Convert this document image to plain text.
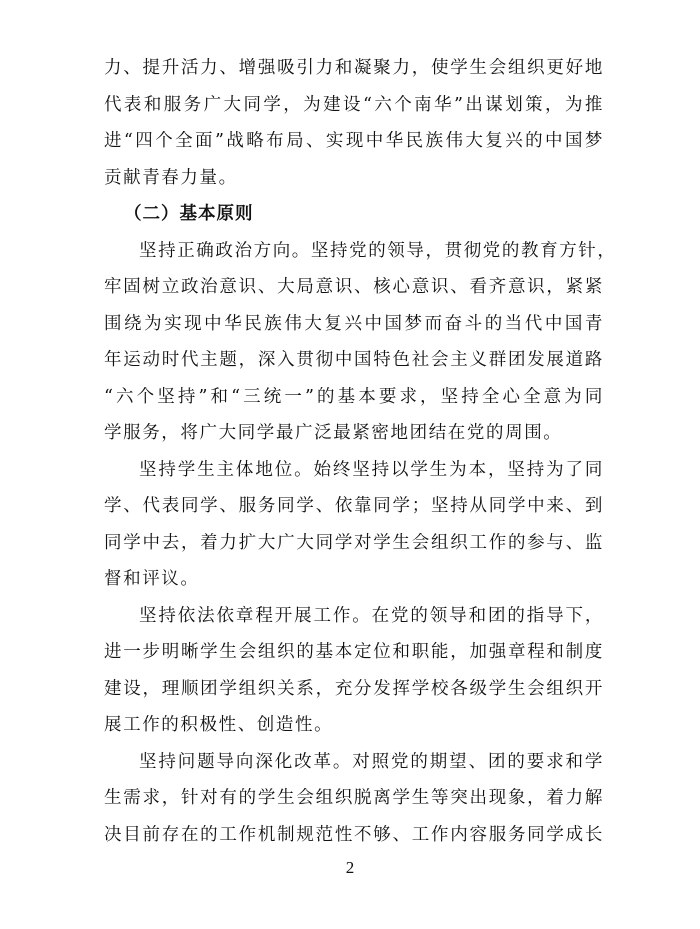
力、提升活力、增强吸引力和凝聚力，使学生会组织更好地
代表和服务广大同学，为建设“六个南华”出谋划策，为推
进“四个全面”战略布局、实现中华民族伟大复兴的中国梦
贡献青春力量。
（二）基本原则
坚持正确政治方向。坚持党的领导，贯彻党的教育方针，
牢固树立政治意识、大局意识、核心意识、看齐意识，紧紧
围绕为实现中华民族伟大复兴中国梦而奋斗的当代中国青
年运动时代主题，深入贯彻中国特色社会主义群团发展道路
“六个坚持”和“三统一”的基本要求，坚持全心全意为同
学服务，将广大同学最广泛最紧密地团结在党的周围。
坚持学生主体地位。始终坚持以学生为本，坚持为了同
学、代表同学、服务同学、依靠同学；坚持从同学中来、到
同学中去，着力扩大广大同学对学生会组织工作的参与、监
督和评议。
坚持依法依章程开展工作。在党的领导和团的指导下，
进一步明晰学生会组织的基本定位和职能，加强章程和制度
建设，理顺团学组织关系，充分发挥学校各级学生会组织开
展工作的积极性、创造性。
坚持问题导向深化改革。对照党的期望、团的要求和学
生需求，针对有的学生会组织脱离学生等突出现象，着力解
决目前存在的工作机制规范性不够、工作内容服务同学成长
2
